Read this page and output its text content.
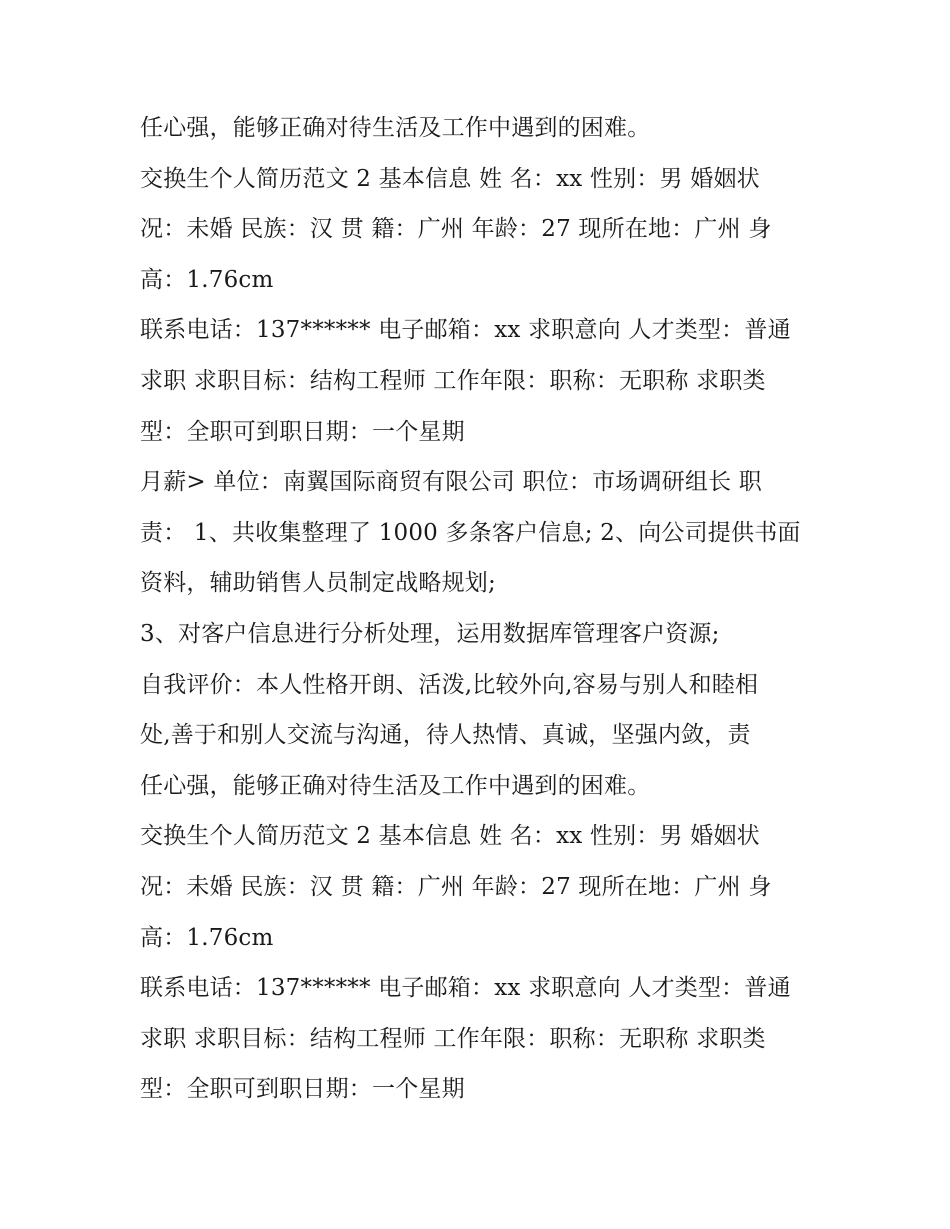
任心强，能够正确对待生活及工作中遇到的困难。
交换生个人简历范文 2 基本信息 姓 名：xx 性别：男 婚姻状
况：未婚 民族：汉 贯 籍：广州 年龄：27 现所在地：广州 身
高：1.76cm
联系电话：137****** 电子邮箱：xx 求职意向 人才类型：普通
求职 求职目标：结构工程师 工作年限：职称：无职称 求职类
型：全职可到职日期：一个星期
月薪> 单位：南翼国际商贸有限公司 职位：市场调研组长 职
责： 1、共收集整理了 1000 多条客户信息; 2、向公司提供书面
资料，辅助销售人员制定战略规划;
3、对客户信息进行分析处理，运用数据库管理客户资源;
自我评价：本人性格开朗、活泼,比较外向,容易与别人和睦相
处,善于和别人交流与沟通，待人热情、真诚，坚强内敛，责
任心强，能够正确对待生活及工作中遇到的困难。
交换生个人简历范文 2 基本信息 姓 名：xx 性别：男 婚姻状
况：未婚 民族：汉 贯 籍：广州 年龄：27 现所在地：广州 身
高：1.76cm
联系电话：137****** 电子邮箱：xx 求职意向 人才类型：普通
求职 求职目标：结构工程师 工作年限：职称：无职称 求职类
型：全职可到职日期：一个星期
